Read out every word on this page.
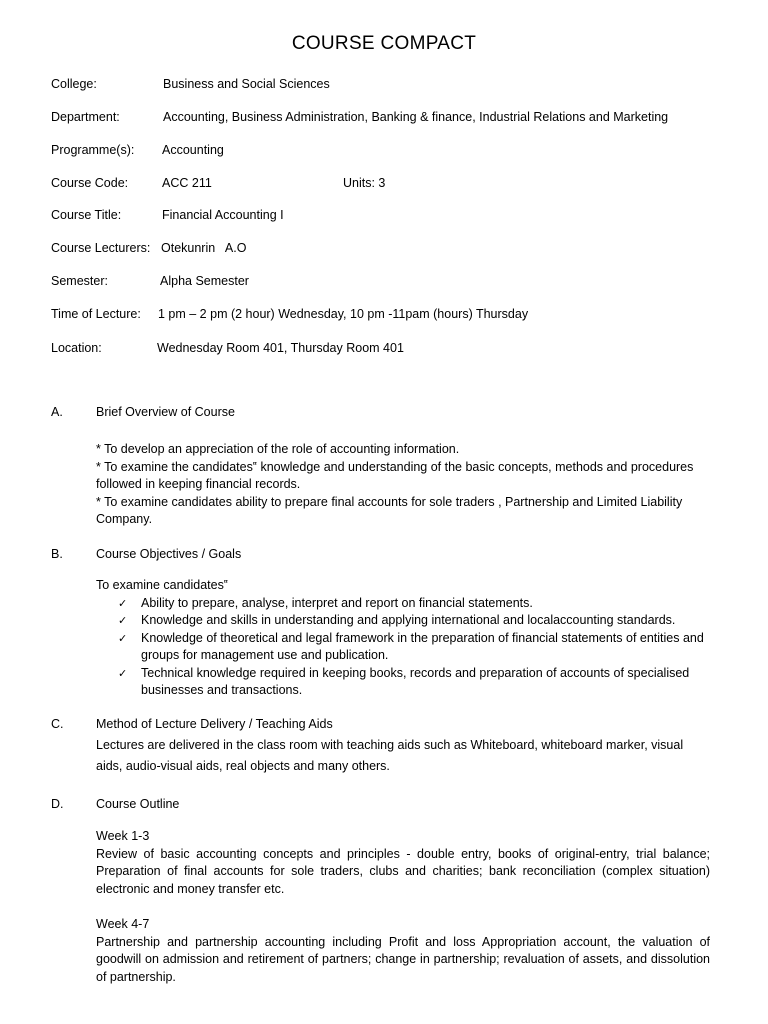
COURSE COMPACT
College:	Business and Social Sciences
Department:	Accounting, Business Administration, Banking & finance, Industrial Relations and Marketing
Programme(s): Accounting
Course Code:	ACC 211	Units: 3
Course Title:	Financial Accounting I
Course Lecturers: Otekunrin   A.O
Semester:	Alpha Semester
Time of Lecture: 1 pm – 2 pm (2 hour) Wednesday, 10 pm -11pam (hours) Thursday
Location:	Wednesday Room 401, Thursday Room 401
A.	Brief Overview of Course

* To develop an appreciation of the role of accounting information.

* To examine the candidates‟ knowledge and understanding of the basic concepts, methods and procedures followed in keeping financial records.

* To examine candidates ability to prepare final accounts for sole traders , Partnership and Limited Liability Company.

B.	Course Objectives / Goals
To examine candidates‟
✓ Ability to prepare, analyse, interpret and report on financial statements.
✓ Knowledge and skills in understanding and applying international and localaccounting standards.
✓ Knowledge of theoretical and legal framework in the preparation of financial statements of entities and groups for management use and publication.
✓ Technical knowledge required in keeping books, records and preparation of accounts of specialised businesses and transactions.
C.	Method of Lecture Delivery / Teaching Aids
Lectures are delivered in the class room with teaching aids such as Whiteboard, whiteboard marker, visual aids, audio-visual aids, real objects and many others.
D.	Course Outline

Week 1-3

Review of basic accounting concepts and principles - double entry, books of original-entry, trial balance; Preparation of final accounts for sole traders, clubs and charities; bank reconciliation (complex situation) electronic and money transfer etc.

Week 4-7

Partnership and partnership accounting including Profit and loss Appropriation account, the valuation of goodwill on admission and retirement of partners; change in partnership; revaluation of assets, and dissolution of partnership.
